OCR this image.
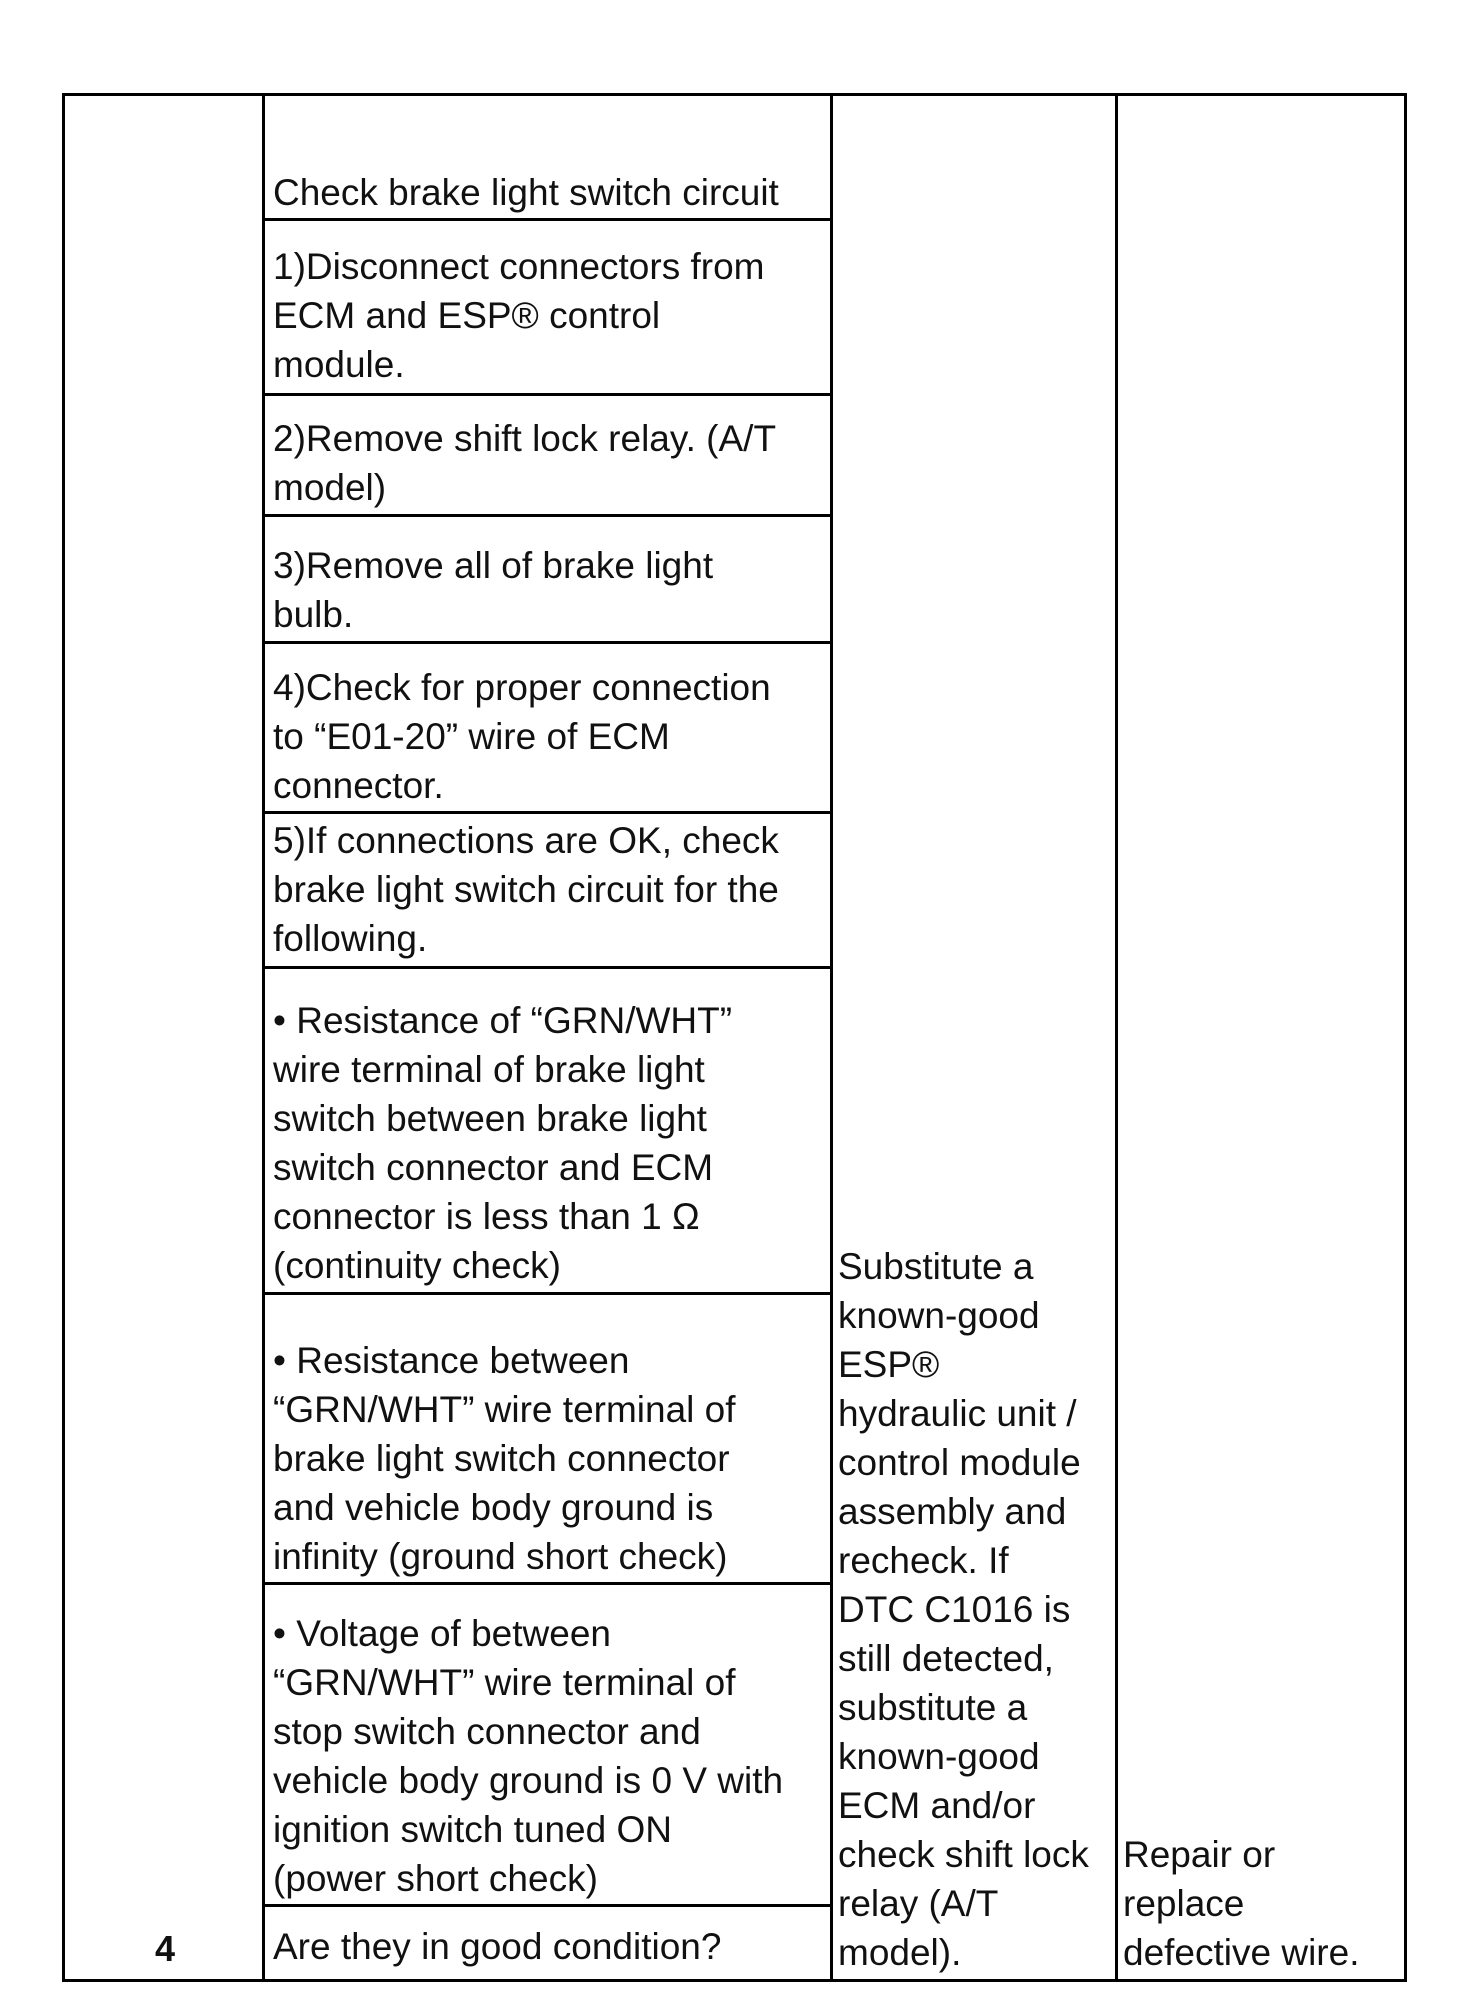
Check brake light switch circuit
1)Disconnect connectors from
ECM and ESP® control
module.
2)Remove shift lock relay. (A/T
model)
3)Remove all of brake light
bulb.
4)Check for proper connection
to “E01-20” wire of ECM
connector.
5)If connections are OK, check
brake light switch circuit for the
following.
• Resistance of “GRN/WHT”
wire terminal of brake light
switch between brake light
switch connector and ECM
connector is less than 1 Ω
(continuity check)
• Resistance between
“GRN/WHT” wire terminal of
brake light switch connector
and vehicle body ground is
infinity (ground short check)
• Voltage of between
“GRN/WHT” wire terminal of
stop switch connector and
vehicle body ground is 0 V with
ignition switch tuned ON
(power short check)
Are they in good condition?
4
Substitute a
known-good
ESP®
hydraulic unit /
control module
assembly and
recheck. If
DTC C1016 is
still detected,
substitute a
known-good
ECM and/or
check shift lock
relay (A/T
model).
Repair or
replace
defective wire.
